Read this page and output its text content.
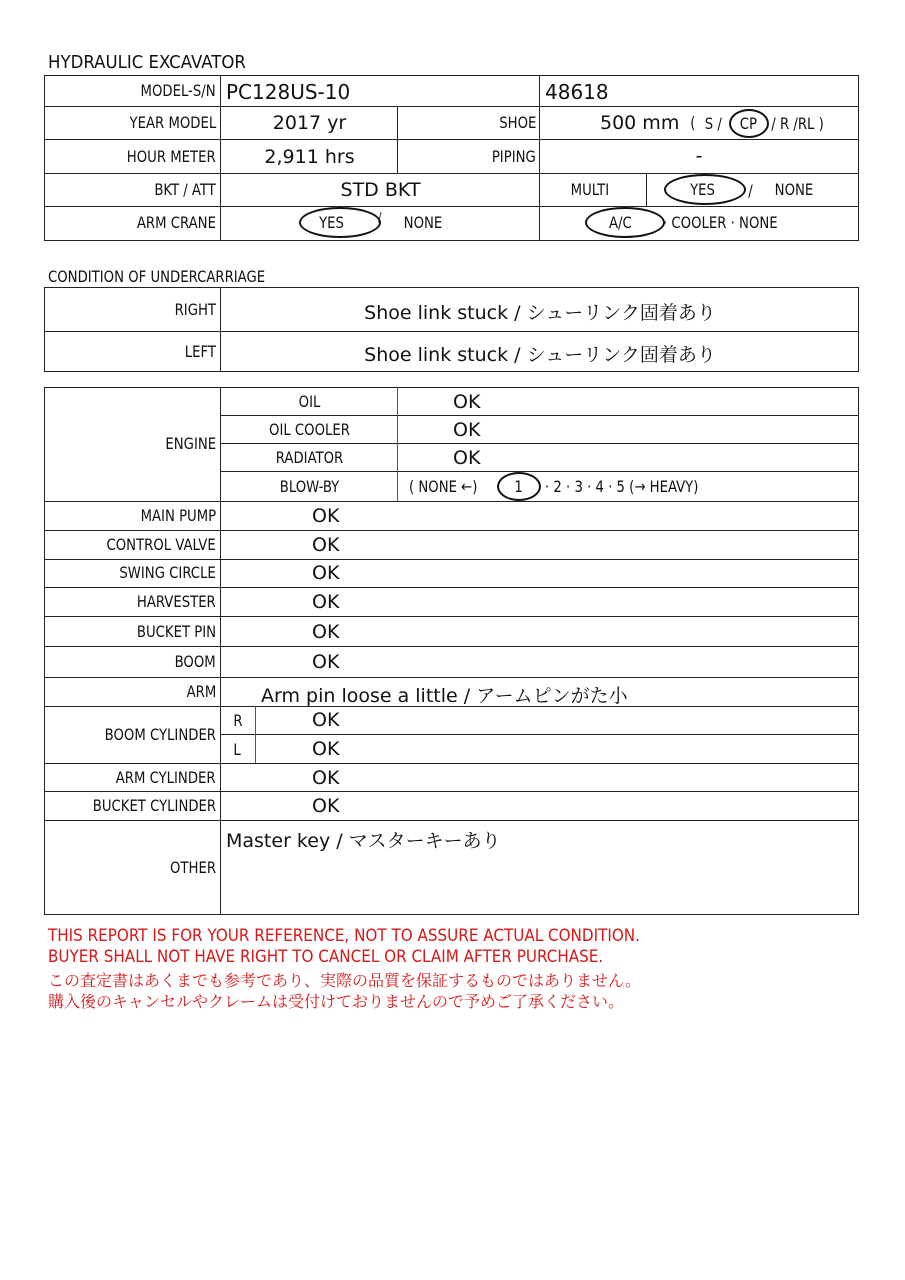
HYDRAULIC EXCAVATOR
MODEL-S/N PC128US-10	48618
YEAR MODEL	2017 yr	SHOE	500 mm ( S / CP / R /RL )
HOUR METER	2,911 hrs	PIPING	-
BKT / ATT	STD BKT	MULTI	YES / NONE
ARM CRANE	YES	/ NONE	A/C · COOLER · NONE
CONDITION OF UNDERCARRIAGE
RIGHT	Shoe link stuck / シューリンク固着あり
LEFT	Shoe link stuck / シューリンク固着あり
ENGINE
OIL	OK
OIL COOLER	OK
RADIATOR	OK
BLOW-BY	( NONE ←) 1 · 2 · 3 · 4 · 5 (→ HEAVY)
MAIN PUMP	OK
CONTROL VALVE	OK
SWING CIRCLE	OK
HARVESTER	OK
BUCKET PIN	OK
BOOM	OK
ARM Arm pin loose a little / アームピンがた小
BOOM CYLINDER
R	OK
L	OK
ARM CYLINDER	OK
BUCKET CYLINDER	OK
OTHER
Master key / マスターキーあり
THIS REPORT IS FOR YOUR REFERENCE, NOT TO ASSURE ACTUAL CONDITION.
BUYER SHALL NOT HAVE RIGHT TO CANCEL OR CLAIM AFTER PURCHASE.
この査定書はあくまでも参考であり、実際の品質を保証するものではありません。
購入後のキャンセルやクレームは受付けておりませんので予めご了承ください。
